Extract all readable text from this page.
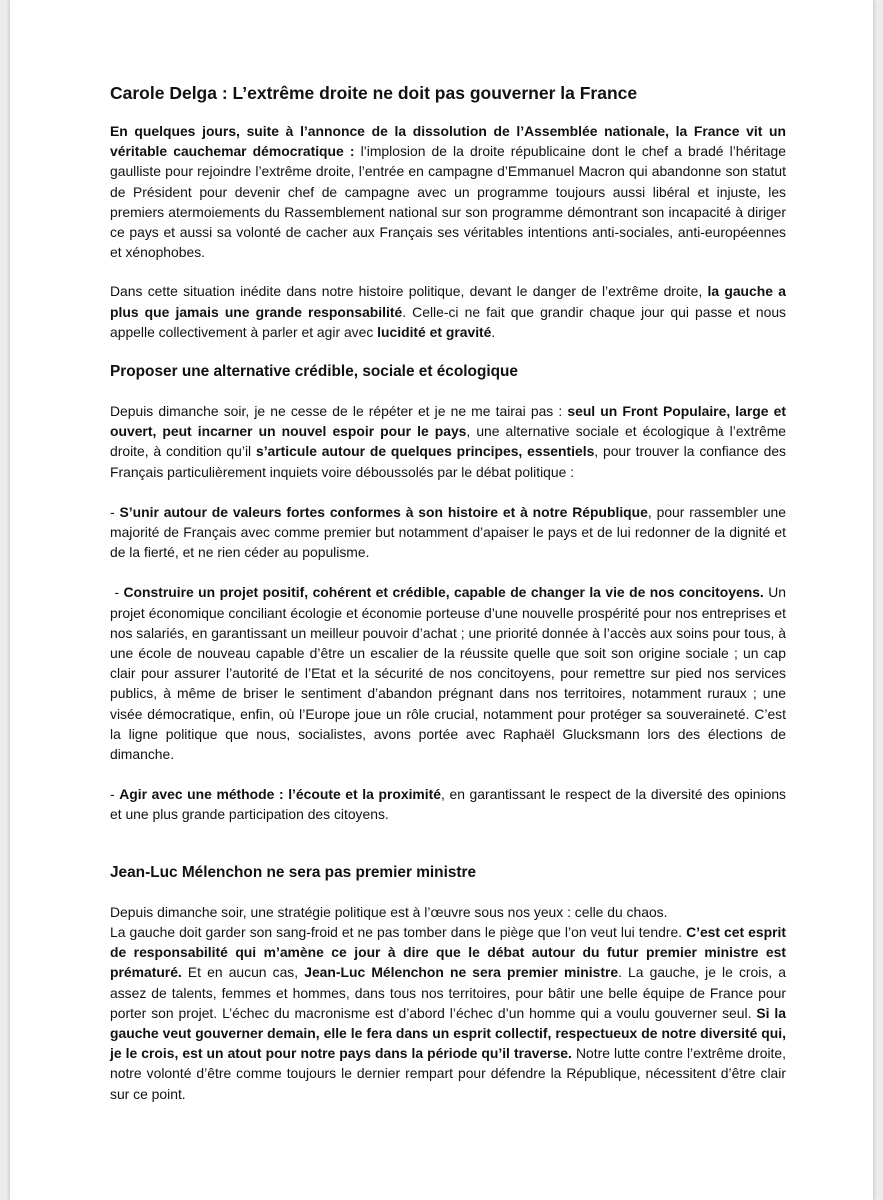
Carole Delga : L’extrême droite ne doit pas gouverner la France

En quelques jours, suite à l’annonce de la dissolution de l’Assemblée nationale, la France vit un véritable cauchemar démocratique : l’implosion de la droite républicaine dont le chef a bradé l’héritage gaulliste pour rejoindre l’extrême droite, l’entrée en campagne d’Emmanuel Macron qui abandonne son statut de Président pour devenir chef de campagne avec un programme toujours aussi libéral et injuste, les premiers atermoiements du Rassemblement national sur son programme démontrant son incapacité à diriger ce pays et aussi sa volonté de cacher aux Français ses véritables intentions anti-sociales, anti-européennes et xénophobes.

Dans cette situation inédite dans notre histoire politique, devant le danger de l’extrême droite, la gauche a plus que jamais une grande responsabilité. Celle-ci ne fait que grandir chaque jour qui passe et nous appelle collectivement à parler et agir avec lucidité et gravité.

Proposer une alternative crédible, sociale et écologique

Depuis dimanche soir, je ne cesse de le répéter et je ne me tairai pas : seul un Front Populaire, large et ouvert, peut incarner un nouvel espoir pour le pays, une alternative sociale et écologique à l’extrême droite, à condition qu’il s’articule autour de quelques principes, essentiels, pour trouver la confiance des Français particulièrement inquiets voire déboussolés par le débat politique :

- S’unir autour de valeurs fortes conformes à son histoire et à notre République, pour rassembler une majorité de Français avec comme premier but notamment d’apaiser le pays et de lui redonner de la dignité et de la fierté, et ne rien céder au populisme.

- Construire un projet positif, cohérent et crédible, capable de changer la vie de nos concitoyens. Un projet économique conciliant écologie et économie porteuse d’une nouvelle prospérité pour nos entreprises et nos salariés, en garantissant un meilleur pouvoir d’achat ; une priorité donnée à l’accès aux soins pour tous, à une école de nouveau capable d’être un escalier de la réussite quelle que soit son origine sociale ; un cap clair pour assurer l’autorité de l’Etat et la sécurité de nos concitoyens, pour remettre sur pied nos services publics, à même de briser le sentiment d’abandon prégnant dans nos territoires, notamment ruraux ; une visée démocratique, enfin, où l’Europe joue un rôle crucial, notamment pour protéger sa souveraineté. C’est la ligne politique que nous, socialistes, avons portée avec Raphaël Glucksmann lors des élections de dimanche.

- Agir avec une méthode : l’écoute et la proximité, en garantissant le respect de la diversité des opinions et une plus grande participation des citoyens.

Jean-Luc Mélenchon ne sera pas premier ministre
Depuis dimanche soir, une stratégie politique est à l’œuvre sous nos yeux : celle du chaos.

La gauche doit garder son sang-froid et ne pas tomber dans le piège que l’on veut lui tendre. C’est cet esprit de responsabilité qui m’amène ce jour à dire que le débat autour du futur premier ministre est prématuré. Et en aucun cas, Jean-Luc Mélenchon ne sera premier ministre. La gauche, je le crois, a assez de talents, femmes et hommes, dans tous nos territoires, pour bâtir une belle équipe de France pour porter son projet. L’échec du macronisme est d’abord l’échec d’un homme qui a voulu gouverner seul. Si la gauche veut gouverner demain, elle le fera dans un esprit collectif, respectueux de notre diversité qui, je le crois, est un atout pour notre pays dans la période qu’il traverse. Notre lutte contre l’extrême droite, notre volonté d’être comme toujours le dernier rempart pour défendre la République, nécessitent d’être clair sur ce point.
